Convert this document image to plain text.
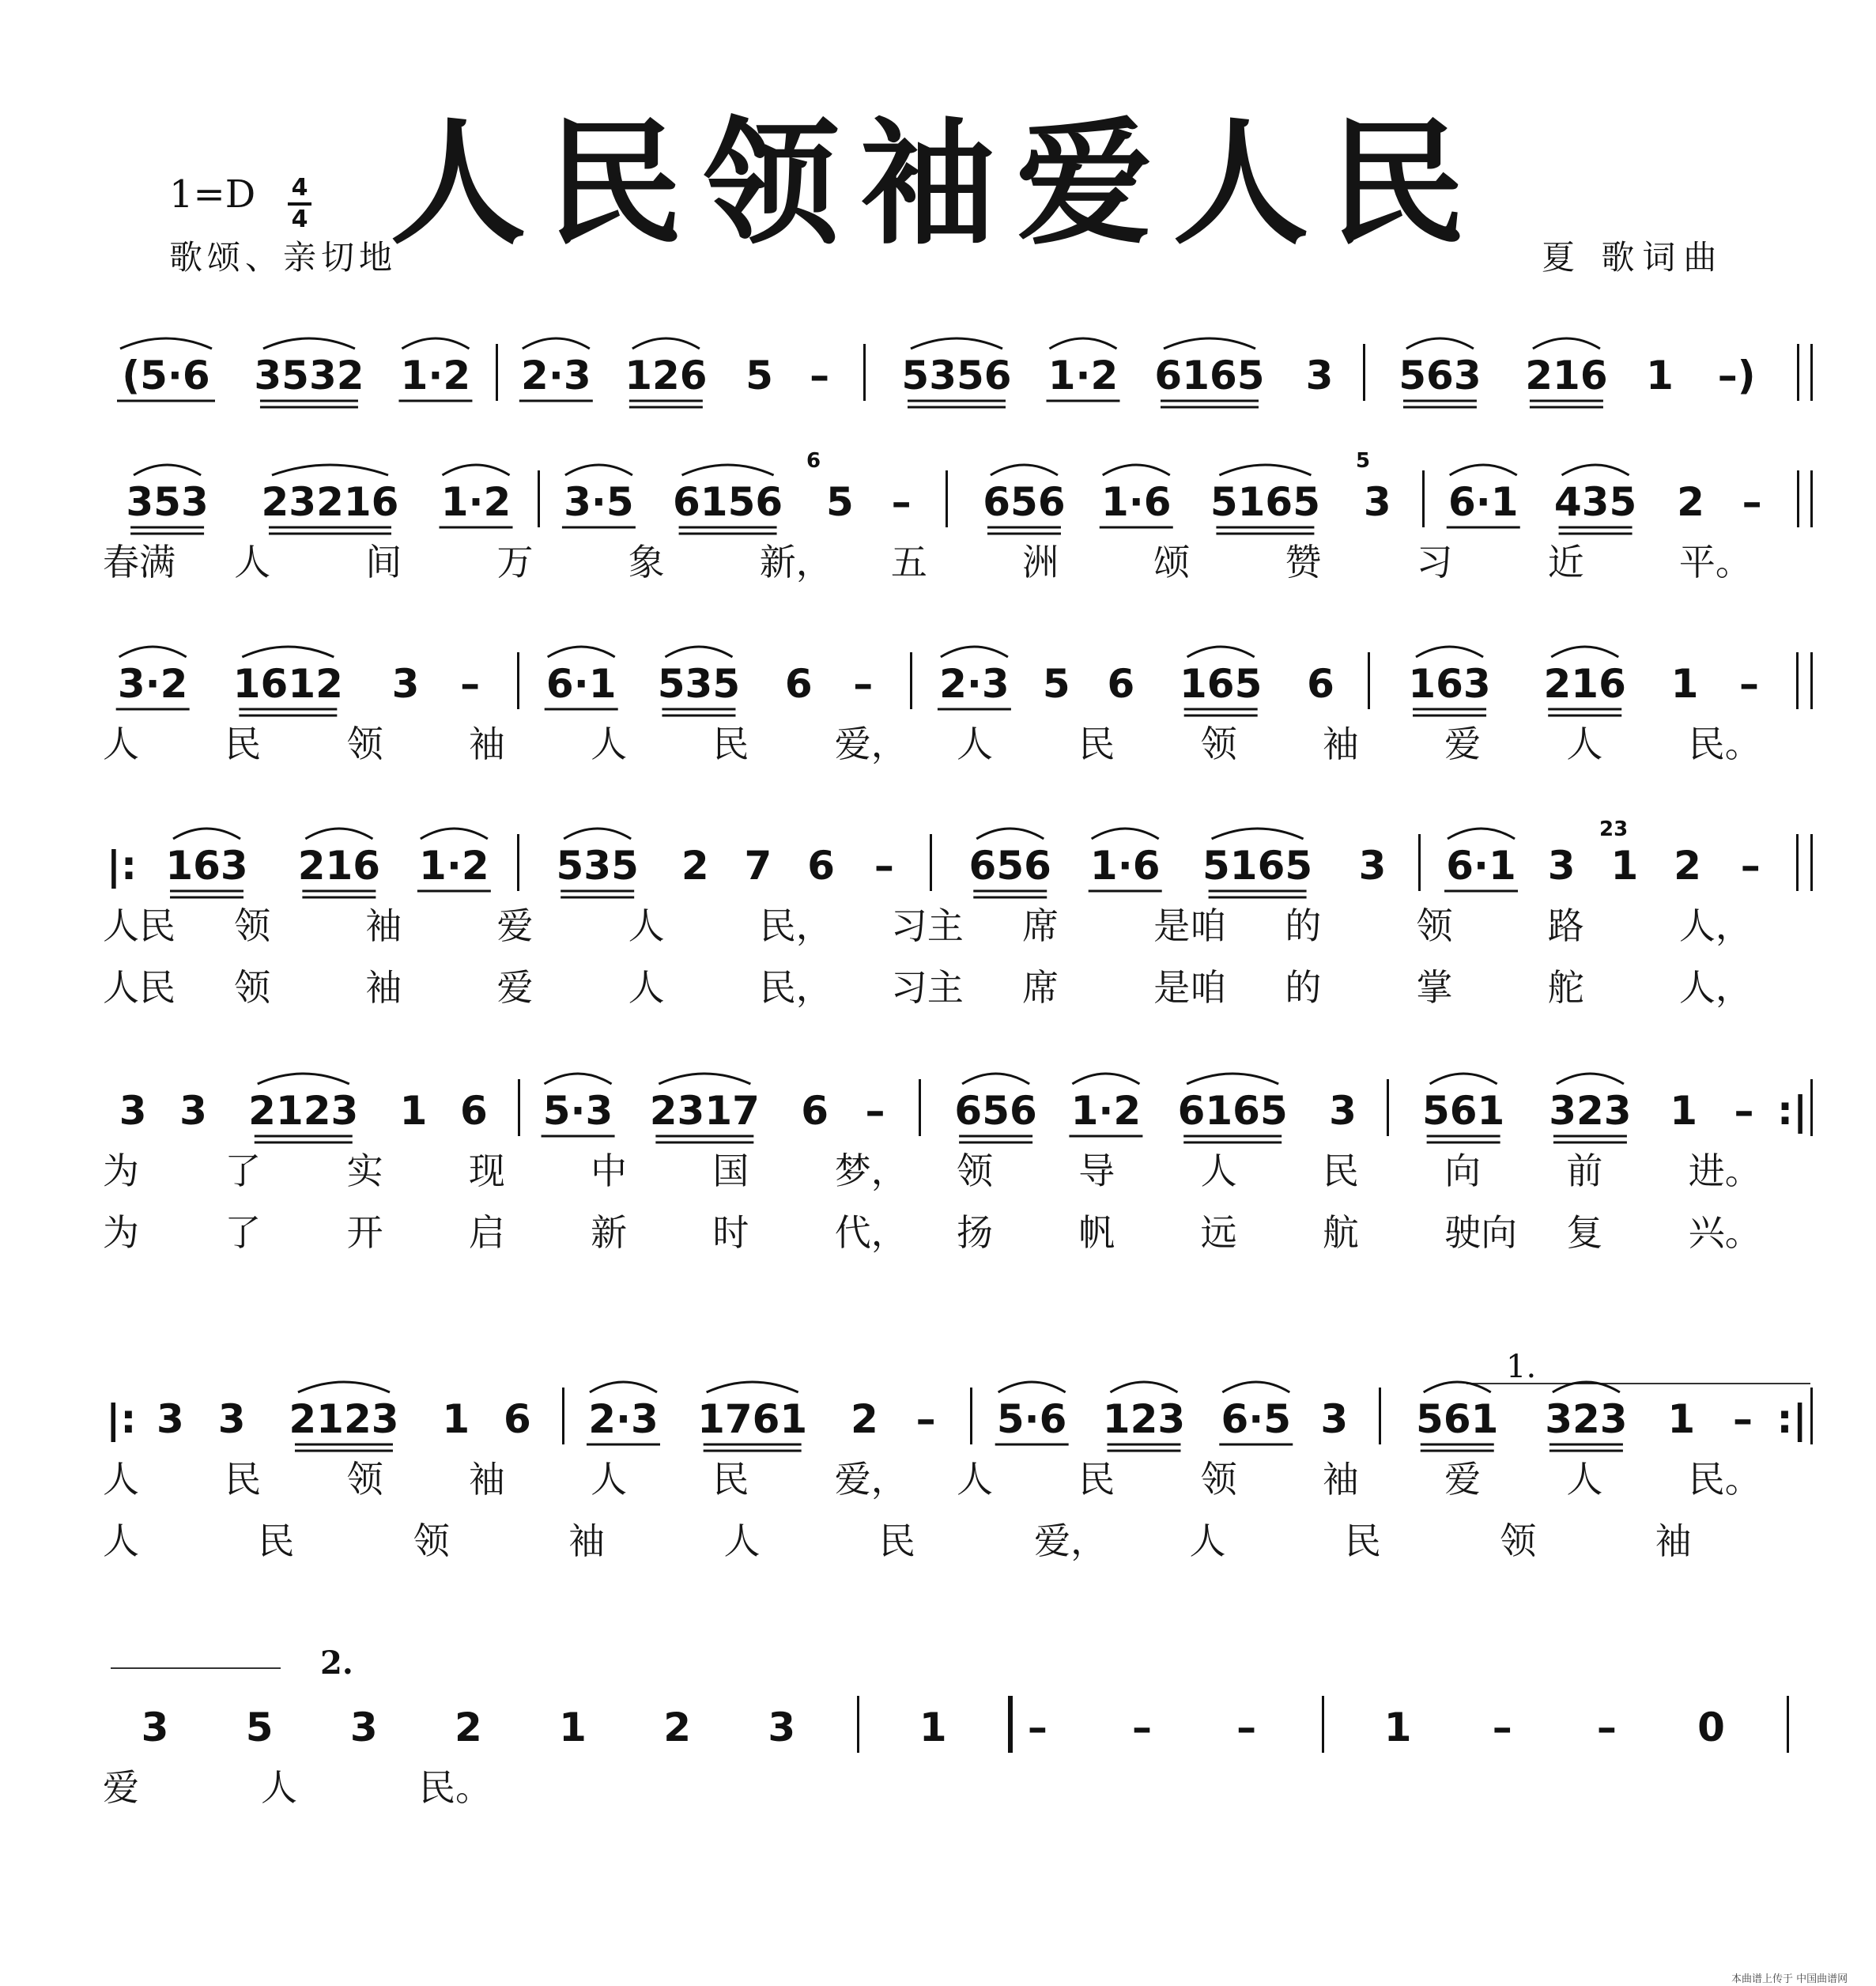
人民领袖爱人民
1=D 4
4
歌颂、亲切地	夏 歌词曲
(5·6	3532 1·2 2·3 126 5 –	5356 1·2 6165	3	563	216 1	–)
353	23216	1·2	3·5 6156	5 –	656 1·6 5165	3	6·1 435	2 –
春满 人	间	万	象	新， 五	洲	颂	赞	习	近	平。
3·2	1612	3	–	6·1	535	6	–	2·3 5 6	165	6	163	216	1	–
人 民 领 袖 人 民 爱， 人 民 领 袖 爱 人 民。
|: 163	216 1·2	535	2 7 6 –	656 1·6	5165	3	6·1 3 1 2 –
人民 领	袖	爱	人	民， 习主 席	是咱 的	领	路	人，
人民 领	袖	爱	人	民， 习主 席	是咱 的	掌	舵	人，
3 3	2123	1 6	5·3 2317	6 –	656 1·2 6165	3	561	323 1 – :|
为 了 实 现 中 国 梦， 领 导 人 民 向 前 进。
为 了 开 启 新 时 代， 扬 帆 远 航 驶向 复 兴。
|: 3 3	2123	1 6	2·3 1761	2 –	5·6 123 6·5 3	561	323	1 – :|
人 民 领 袖 人 民 爱， 人 民 领 袖 爱 人 民。
人	民	领	袖	人	民	爱， 人	民	领	袖
3	5	3	2	1	2	3	1	–	–	–	1	–	–	0
爱	人	民。
1.
2.
6	5
23
本曲谱上传于 中国曲谱网
